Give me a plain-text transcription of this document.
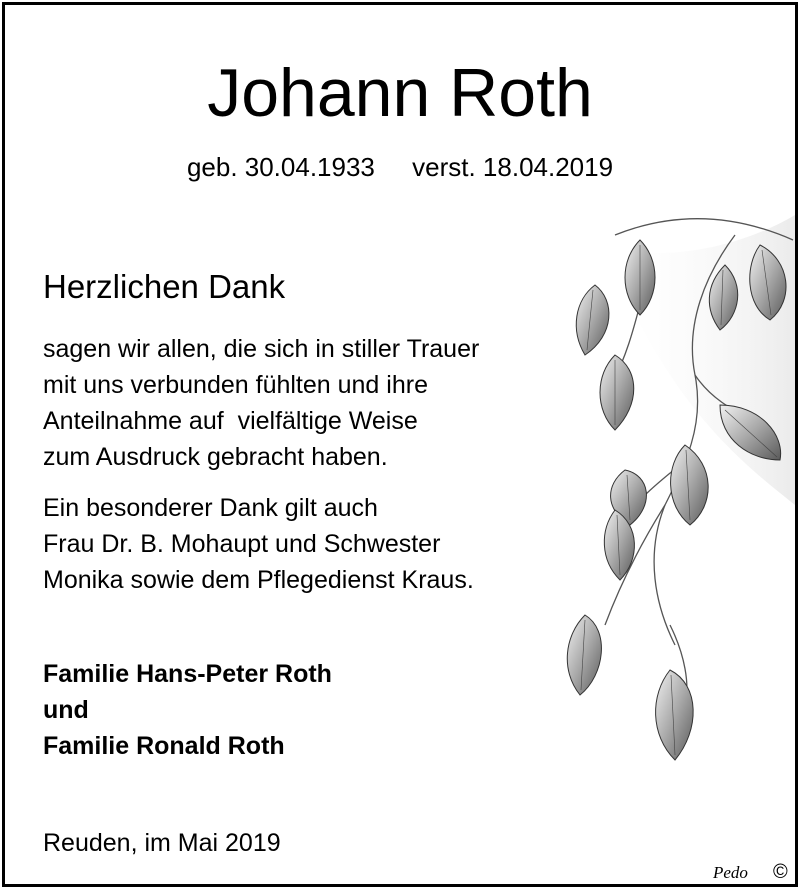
Johann Roth
geb. 30.04.1933 verst. 18.04.2019
Herzlichen Dank
sagen wir allen, die sich in stiller Trauer
mit uns verbunden fühlten und ihre
Anteilnahme auf  vielfältige Weise
zum Ausdruck gebracht haben.
Ein besonderer Dank gilt auch
Frau Dr. B. Mohaupt und Schwester
Monika sowie dem Pflegedienst Kraus.
Familie Hans-Peter Roth
und
Familie Ronald Roth
Reuden, im Mai 2019
Pedo ©
